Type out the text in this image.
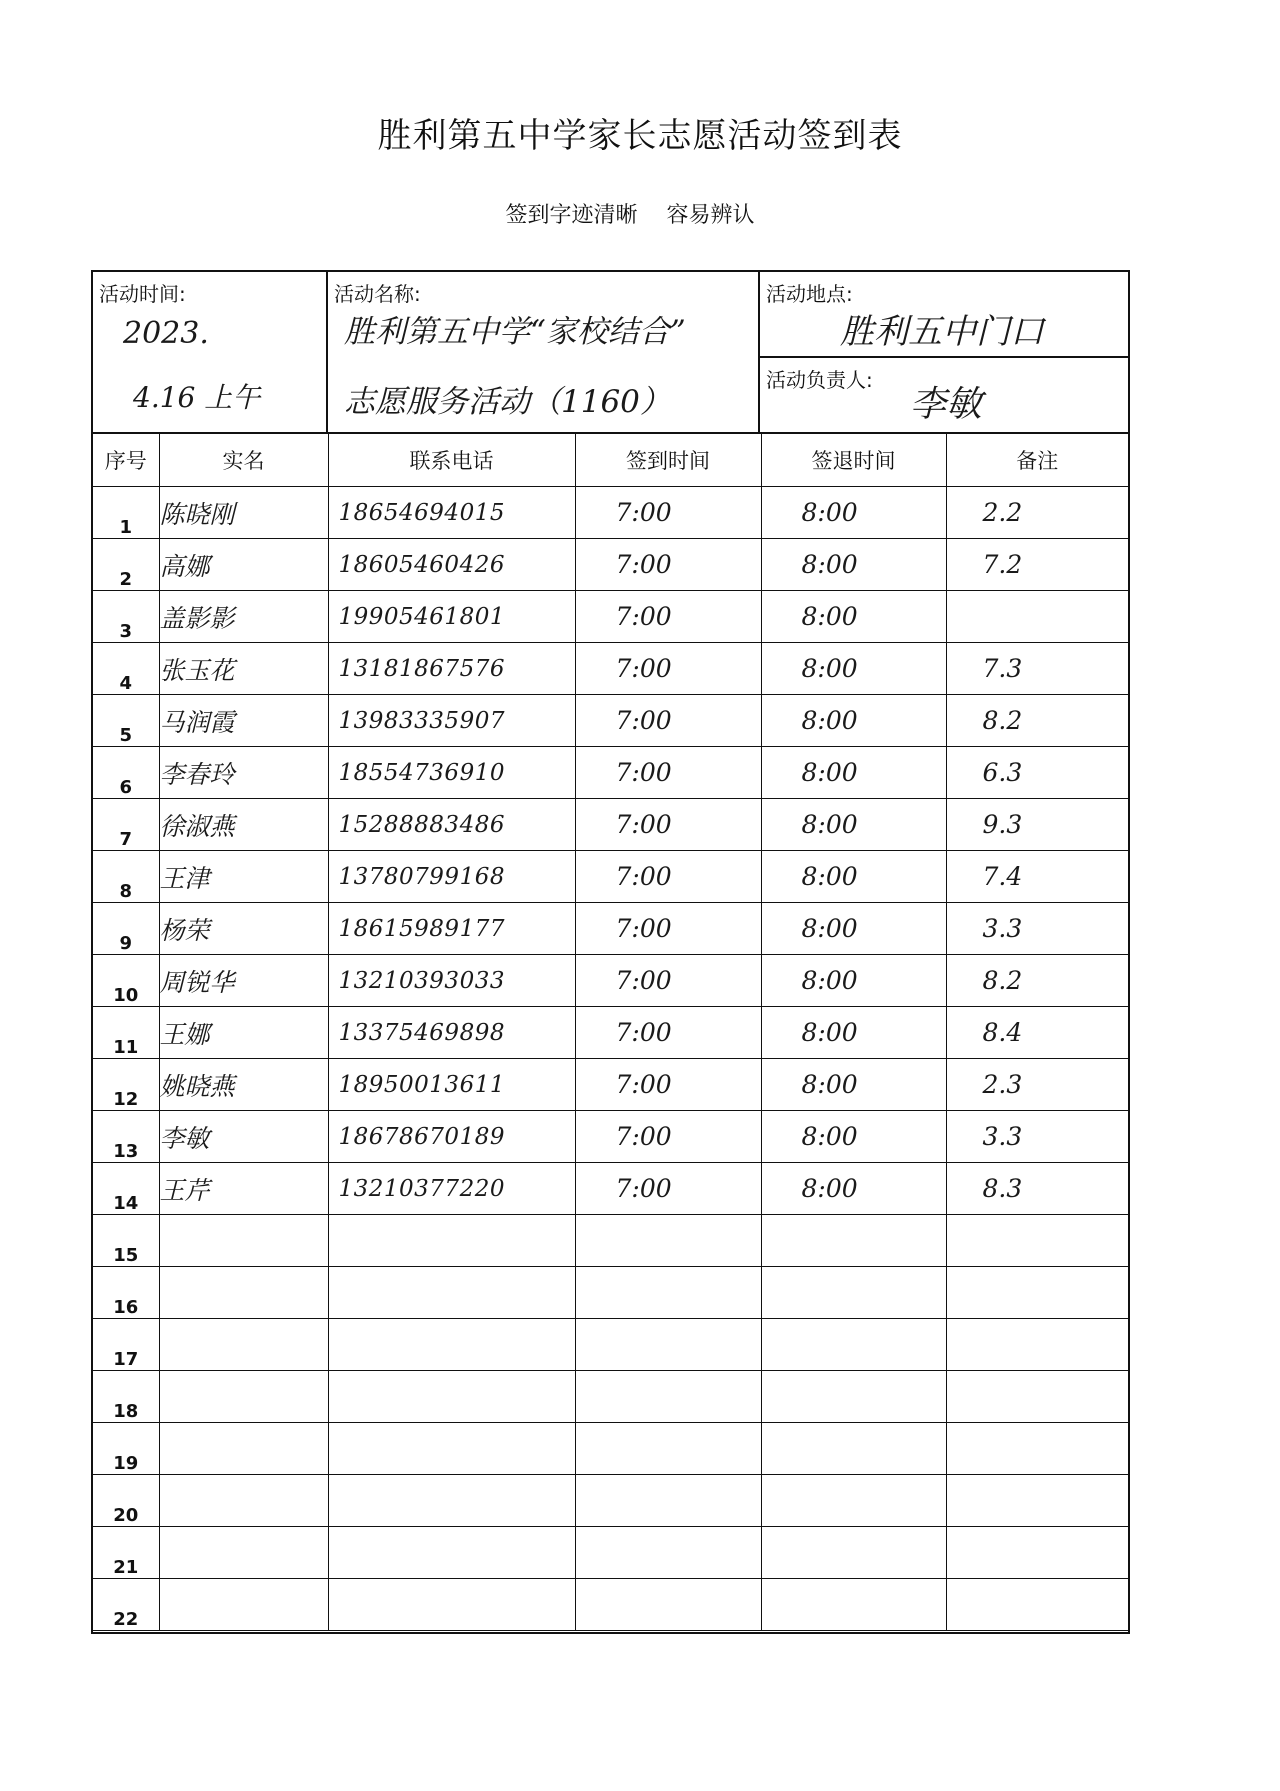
胜利第五中学家长志愿活动签到表
签到字迹清晰 容易辨认
活动时间:
2023.
4.16 上午
活动名称:
胜利第五中学“家校结合”
志愿服务活动（1160）
活动地点:
胜利五中门口
活动负责人:
李敏
序号	实名	联系电话	签到时间	签退时间	备注
1	陈晓刚	18654694015	7:00	8:00	2.2
2	高娜	18605460426	7:00	8:00	7.2
3	盖影影	19905461801	7:00	8:00	
4	张玉花	13181867576	7:00	8:00	7.3
5	马润霞	13983335907	7:00	8:00	8.2
6	李春玲	18554736910	7:00	8:00	6.3
7	徐淑燕	15288883486	7:00	8:00	9.3
8	王津	13780799168	7:00	8:00	7.4
9	杨荣	18615989177	7:00	8:00	3.3
10	周锐华	13210393033	7:00	8:00	8.2
11	王娜	13375469898	7:00	8:00	8.4
12	姚晓燕	18950013611	7:00	8:00	2.3
13	李敏	18678670189	7:00	8:00	3.3
14	王芹	13210377220	7:00	8:00	8.3
15					
16					
17					
18					
19					
20					
21					
22					
